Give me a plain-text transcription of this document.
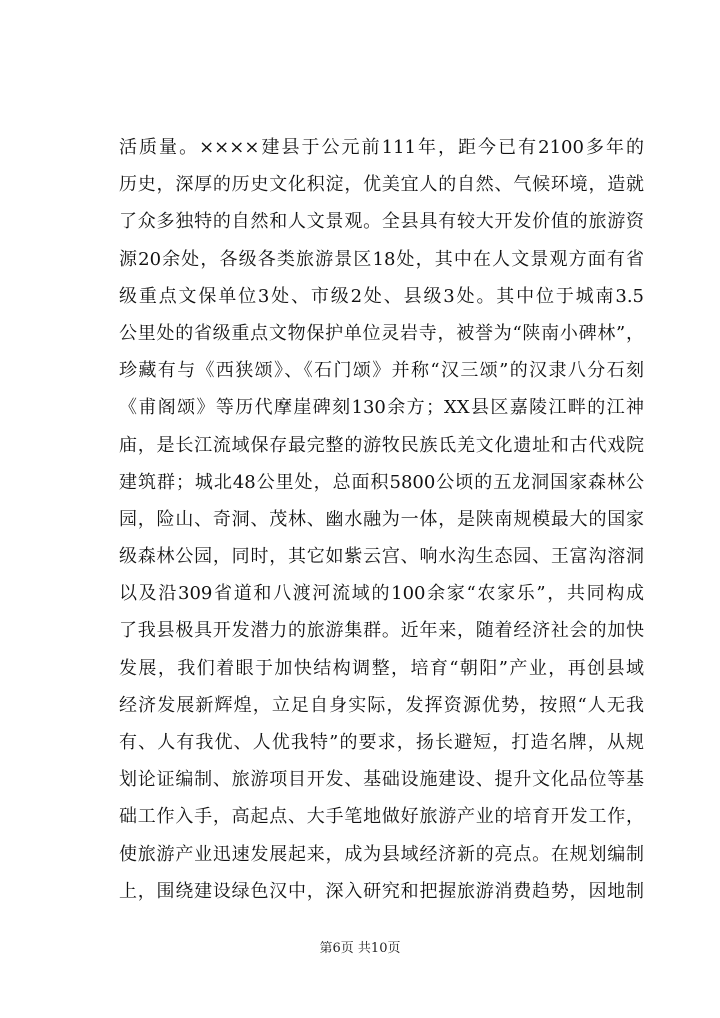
活质量。××××建县于公元前111年，距今已有2100多年的
历史，深厚的历史文化积淀，优美宜人的自然、气候环境，造就
了众多独特的自然和人文景观。全县具有较大开发价值的旅游资
源20余处，各级各类旅游景区18处，其中在人文景观方面有省
级重点文保单位3处、市级2处、县级3处。其中位于城南3.5
公里处的省级重点文物保护单位灵岩寺，被誉为“陕南小碑林”，
珍藏有与《西狭颂》、《石门颂》并称“汉三颂”的汉隶八分石刻
《甫阁颂》等历代摩崖碑刻130余方；XX县区嘉陵江畔的江神
庙，是长江流域保存最完整的游牧民族氐羌文化遗址和古代戏院
建筑群；城北48公里处，总面积5800公顷的五龙洞国家森林公
园，险山、奇洞、茂林、幽水融为一体，是陕南规模最大的国家
级森林公园，同时，其它如紫云宫、响水沟生态园、王富沟溶洞
以及沿309省道和八渡河流域的100余家“农家乐”，共同构成
了我县极具开发潜力的旅游集群。近年来，随着经济社会的加快
发展，我们着眼于加快结构调整，培育“朝阳”产业，再创县域
经济发展新辉煌，立足自身实际，发挥资源优势，按照“人无我
有、人有我优、人优我特”的要求，扬长避短，打造名牌，从规
划论证编制、旅游项目开发、基础设施建设、提升文化品位等基
础工作入手，高起点、大手笔地做好旅游产业的培育开发工作，
使旅游产业迅速发展起来，成为县域经济新的亮点。在规划编制
上，围绕建设绿色汉中，深入研究和把握旅游消费趋势，因地制
第6页 共10页
